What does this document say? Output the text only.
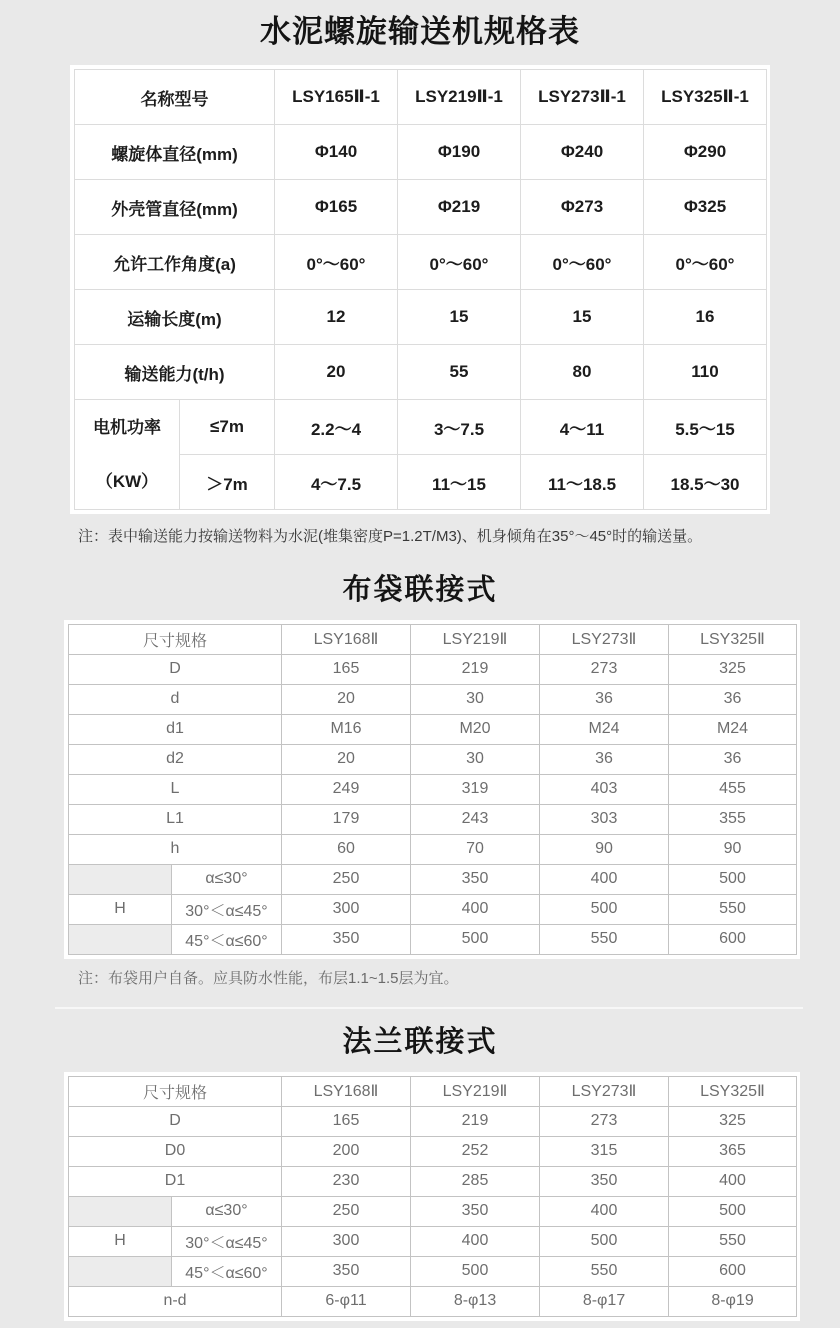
水泥螺旋输送机规格表
名称型号		LSY165Ⅱ-1	LSY219Ⅱ-1	LSY273Ⅱ-1	LSY325Ⅱ-1
螺旋体直径(mm)		Φ140	Φ190	Φ240	Φ290
外壳管直径(mm)		Φ165	Φ219	Φ273	Φ325
允许工作角度(a)		0°～60°	0°～60°	0°～60°	0°～60°
运输长度(m)		12	15	15	16
输送能力(t/h)		20	55	80	110

电机功率
（KW）	≤7m	2.2～4	3～7.5	4～11	5.5～15
	＞7m	4～7.5	11～15	11～18.5	18.5～30
注：表中输送能力按输送物料为水泥(堆集密度P=1.2T/M3)、机身倾角在35°～45°时的输送量。
布袋联接式
尺寸规格		LSY168Ⅱ	LSY219Ⅱ	LSY273Ⅱ	LSY325Ⅱ
D		165	219	273	325
d		20	30	36	36
d1		M16	M20	M24	M24
d2		20	30	36	36
L		249	319	403	455
L1		179	243	303	355
h		60	70	90	90
	α≤30°	250	350	400	500
H	30°＜α≤45°	300	400	500	550
	45°＜α≤60°	350	500	550	600
注：布袋用户自备。应具防水性能，布层1.1~1.5层为宜。
法兰联接式
尺寸规格		LSY168Ⅱ	LSY219Ⅱ	LSY273Ⅱ	LSY325Ⅱ
D		165	219	273	325
D0		200	252	315	365
D1		230	285	350	400
	α≤30°	250	350	400	500
H	30°＜α≤45°	300	400	500	550
	45°＜α≤60°	350	500	550	600
n-d		6-φ11	8-φ13	8-φ17	8-φ19
